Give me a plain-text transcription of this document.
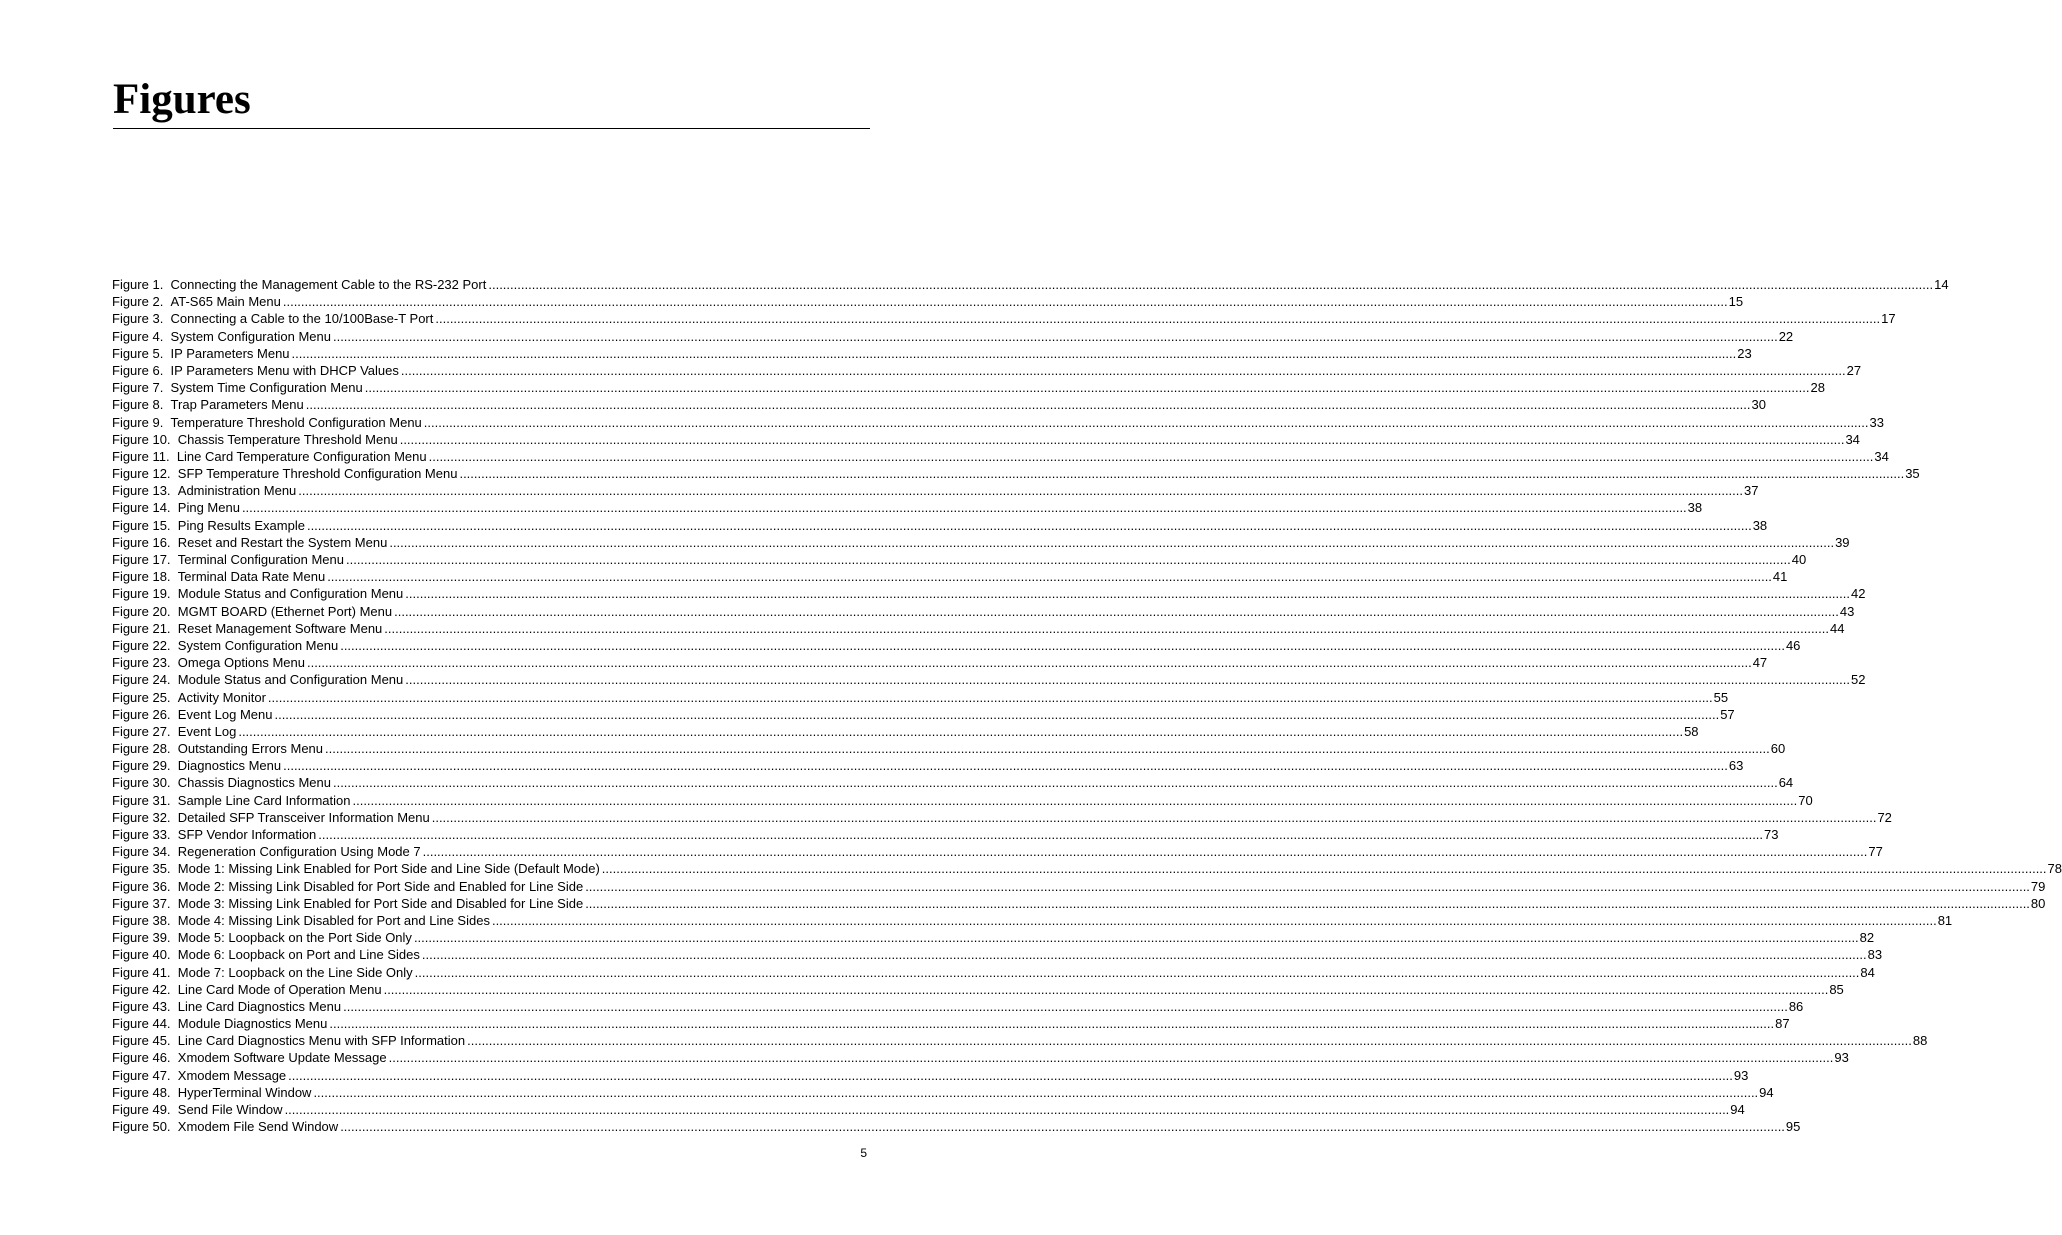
Figures
Figure 1.
Connecting the Management Cable to the RS-232 Port ................................................................................................................................................................................................................................................................................................................................................................................................................ 14
Figure 2.
AT-S65 Main Menu ................................................................................................................................................................................................................................................................................................................................................................................................................ 15
Figure 3.
Connecting a Cable to the 10/100Base-T Port ................................................................................................................................................................................................................................................................................................................................................................................................................ 17
Figure 4.
System Configuration Menu ................................................................................................................................................................................................................................................................................................................................................................................................................ 22
Figure 5.
IP Parameters Menu ................................................................................................................................................................................................................................................................................................................................................................................................................ 23
Figure 6.
IP Parameters Menu with DHCP Values ................................................................................................................................................................................................................................................................................................................................................................................................................ 27
Figure 7.
System Time Configuration Menu ................................................................................................................................................................................................................................................................................................................................................................................................................ 28
Figure 8.
Trap Parameters Menu ................................................................................................................................................................................................................................................................................................................................................................................................................ 30
Figure 9.
Temperature Threshold Configuration Menu ................................................................................................................................................................................................................................................................................................................................................................................................................ 33
Figure 10.
Chassis Temperature Threshold Menu ................................................................................................................................................................................................................................................................................................................................................................................................................ 34
Figure 11.
Line Card Temperature Configuration Menu ................................................................................................................................................................................................................................................................................................................................................................................................................ 34
Figure 12.
SFP Temperature Threshold Configuration Menu ................................................................................................................................................................................................................................................................................................................................................................................................................ 35
Figure 13.
Administration Menu ................................................................................................................................................................................................................................................................................................................................................................................................................ 37
Figure 14.
Ping Menu ................................................................................................................................................................................................................................................................................................................................................................................................................ 38
Figure 15.
Ping Results Example ................................................................................................................................................................................................................................................................................................................................................................................................................ 38
Figure 16.
Reset and Restart the System Menu ................................................................................................................................................................................................................................................................................................................................................................................................................ 39
Figure 17.
Terminal Configuration Menu ................................................................................................................................................................................................................................................................................................................................................................................................................ 40
Figure 18.
Terminal Data Rate Menu ................................................................................................................................................................................................................................................................................................................................................................................................................ 41
Figure 19.
Module Status and Configuration Menu ................................................................................................................................................................................................................................................................................................................................................................................................................ 42
Figure 20.
MGMT BOARD (Ethernet Port) Menu ................................................................................................................................................................................................................................................................................................................................................................................................................ 43
Figure 21.
Reset Management Software Menu ................................................................................................................................................................................................................................................................................................................................................................................................................ 44
Figure 22.
System Configuration Menu ................................................................................................................................................................................................................................................................................................................................................................................................................ 46
Figure 23.
Omega Options Menu ................................................................................................................................................................................................................................................................................................................................................................................................................ 47
Figure 24.
Module Status and Configuration Menu ................................................................................................................................................................................................................................................................................................................................................................................................................ 52
Figure 25.
Activity Monitor ................................................................................................................................................................................................................................................................................................................................................................................................................ 55
Figure 26.
Event Log Menu ................................................................................................................................................................................................................................................................................................................................................................................................................ 57
Figure 27.
Event Log ................................................................................................................................................................................................................................................................................................................................................................................................................ 58
Figure 28.
Outstanding Errors Menu ................................................................................................................................................................................................................................................................................................................................................................................................................ 60
Figure 29.
Diagnostics Menu ................................................................................................................................................................................................................................................................................................................................................................................................................ 63
Figure 30.
Chassis Diagnostics Menu ................................................................................................................................................................................................................................................................................................................................................................................................................ 64
Figure 31.
Sample Line Card Information ................................................................................................................................................................................................................................................................................................................................................................................................................ 70
Figure 32.
Detailed SFP Transceiver Information Menu ................................................................................................................................................................................................................................................................................................................................................................................................................ 72
Figure 33.
SFP Vendor Information ................................................................................................................................................................................................................................................................................................................................................................................................................ 73
Figure 34.
Regeneration Configuration Using Mode 7 ................................................................................................................................................................................................................................................................................................................................................................................................................ 77
Figure 35.
Mode 1: Missing Link Enabled for Port Side and Line Side (Default Mode) ................................................................................................................................................................................................................................................................................................................................................................................................................ 78
Figure 36.
Mode 2: Missing Link Disabled for Port Side and Enabled for Line Side ................................................................................................................................................................................................................................................................................................................................................................................................................ 79
Figure 37.
Mode 3: Missing Link Enabled for Port Side and Disabled for Line Side ................................................................................................................................................................................................................................................................................................................................................................................................................ 80
Figure 38.
Mode 4: Missing Link Disabled for Port and Line Sides ................................................................................................................................................................................................................................................................................................................................................................................................................ 81
Figure 39.
Mode 5: Loopback on the Port Side Only ................................................................................................................................................................................................................................................................................................................................................................................................................ 82
Figure 40.
Mode 6: Loopback on Port and Line Sides ................................................................................................................................................................................................................................................................................................................................................................................................................ 83
Figure 41.
Mode 7: Loopback on the Line Side Only ................................................................................................................................................................................................................................................................................................................................................................................................................ 84
Figure 42.
Line Card Mode of Operation Menu ................................................................................................................................................................................................................................................................................................................................................................................................................ 85
Figure 43.
Line Card Diagnostics Menu ................................................................................................................................................................................................................................................................................................................................................................................................................ 86
Figure 44.
Module Diagnostics Menu ................................................................................................................................................................................................................................................................................................................................................................................................................ 87
Figure 45.
Line Card Diagnostics Menu with SFP Information ................................................................................................................................................................................................................................................................................................................................................................................................................ 88
Figure 46.
Xmodem Software Update Message ................................................................................................................................................................................................................................................................................................................................................................................................................ 93
Figure 47.
Xmodem Message ................................................................................................................................................................................................................................................................................................................................................................................................................ 93
Figure 48.
HyperTerminal Window ................................................................................................................................................................................................................................................................................................................................................................................................................ 94
Figure 49.
Send File Window ................................................................................................................................................................................................................................................................................................................................................................................................................ 94
Figure 50.
Xmodem File Send Window ................................................................................................................................................................................................................................................................................................................................................................................................................ 95
5
